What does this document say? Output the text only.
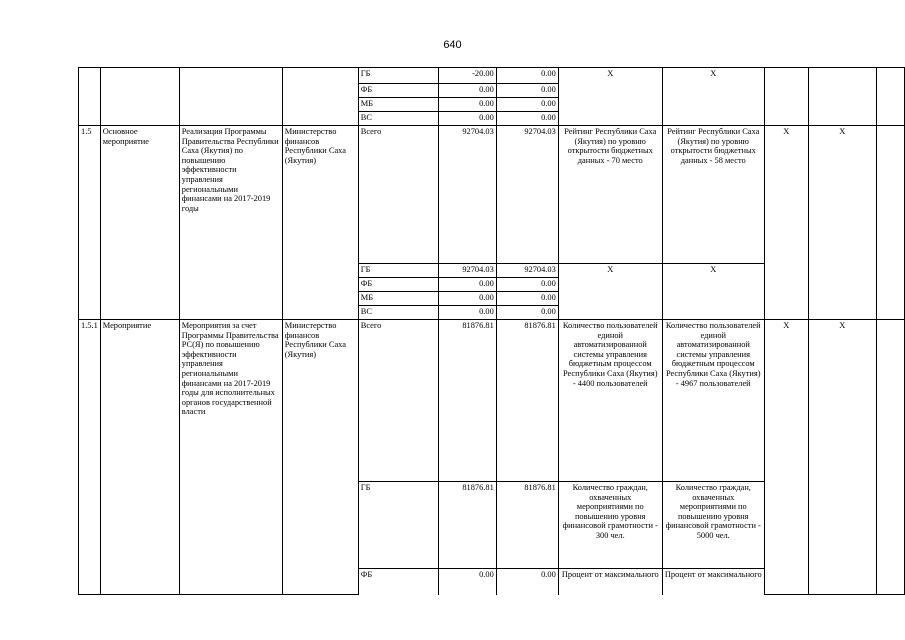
640
				ГБ	-20.00	0.00	Х	Х			
				ФБ	0.00	0.00					
				МБ	0.00	0.00					
				ВС	0.00	0.00					
1.5	Основное мероприятие	Реализация Программы Правительства Республики Саха (Якутия) по повышению эффективности управления региональными финансами на 2017-2019 годы	Министерство финансов Республики Саха (Якутия)	Всего	92704.03	92704.03	Рейтинг Республики Саха (Якутия) по уровню открытости бюджетных данных - 70 место	Рейтинг Республики Саха (Якутия) по уровню открытости бюджетных данных - 58 место	Х	Х	
				ГБ	92704.03	92704.03	Х	Х			
				ФБ	0.00	0.00					
				МБ	0.00	0.00					
				ВС	0.00	0.00					
1.5.1	Мероприятие	Мероприятия за счет Программы Правительства РС(Я) по повышению эффективности управления региональными финансами на 2017-2019 годы для исполнительных органов государственной власти	Министерство финансов Республики Саха (Якутия)	Всего	81876.81	81876.81	Количество пользователей единой автоматизированной системы управления бюджетным процессом Республики Саха (Якутия) - 4400 пользователей	Количество пользователей единой автоматизированной системы управления бюджетным процессом Республики Саха (Якутия) - 4967 пользователей	Х	Х	
				ГБ	81876.81	81876.81	Количество граждан, охваченных мероприятиями по повышению уровня финансовой грамотности - 300 чел.	Количество граждан, охваченных мероприятиями по повышению уровня финансовой грамотности - 5000 чел.			
				ФБ	0.00	0.00	Процент от максимального	Процент от максимального			
